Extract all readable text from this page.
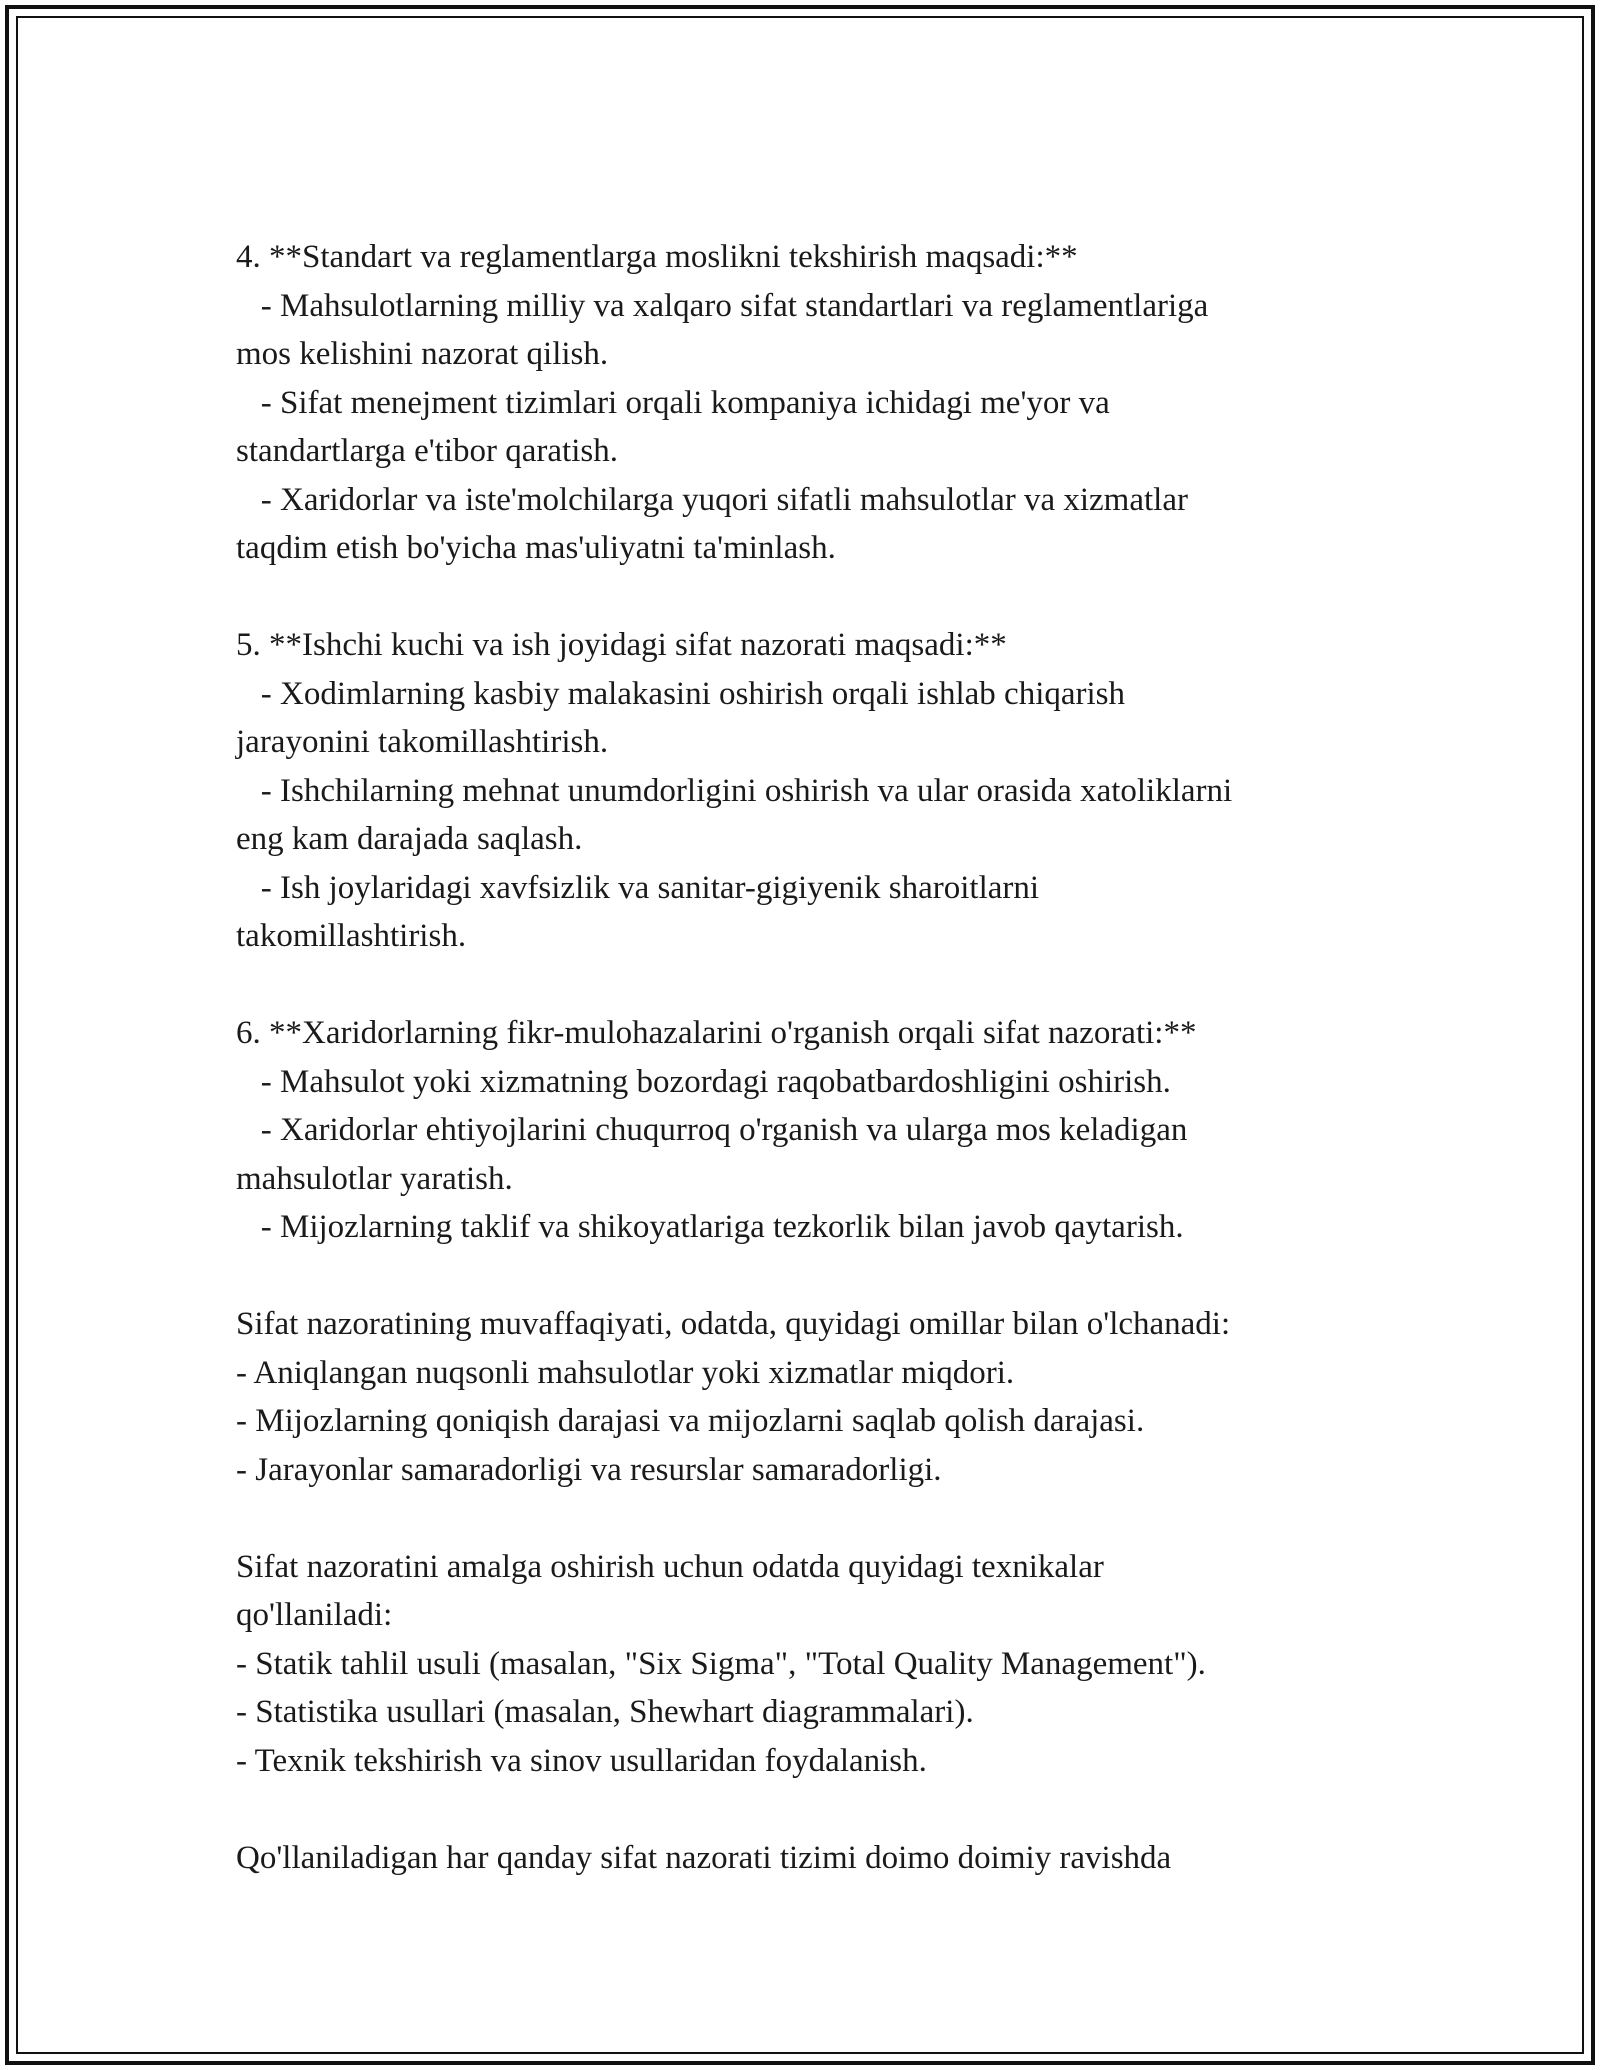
4. **Standart va reglamentlarga moslikni tekshirish maqsadi:**
- Mahsulotlarning milliy va xalqaro sifat standartlari va reglamentlariga
mos kelishini nazorat qilish.
- Sifat menejment tizimlari orqali kompaniya ichidagi me'yor va
standartlarga e'tibor qaratish.
- Xaridorlar va iste'molchilarga yuqori sifatli mahsulotlar va xizmatlar
taqdim etish bo'yicha mas'uliyatni ta'minlash.
5. **Ishchi kuchi va ish joyidagi sifat nazorati maqsadi:**
- Xodimlarning kasbiy malakasini oshirish orqali ishlab chiqarish
jarayonini takomillashtirish.
- Ishchilarning mehnat unumdorligini oshirish va ular orasida xatoliklarni
eng kam darajada saqlash.
- Ish joylaridagi xavfsizlik va sanitar-gigiyenik sharoitlarni
takomillashtirish.
6. **Xaridorlarning fikr-mulohazalarini o'rganish orqali sifat nazorati:**
- Mahsulot yoki xizmatning bozordagi raqobatbardoshligini oshirish.
- Xaridorlar ehtiyojlarini chuqurroq o'rganish va ularga mos keladigan
mahsulotlar yaratish.
- Mijozlarning taklif va shikoyatlariga tezkorlik bilan javob qaytarish.
Sifat nazoratining muvaffaqiyati, odatda, quyidagi omillar bilan o'lchanadi:
- Aniqlangan nuqsonli mahsulotlar yoki xizmatlar miqdori.
- Mijozlarning qoniqish darajasi va mijozlarni saqlab qolish darajasi.
- Jarayonlar samaradorligi va resurslar samaradorligi.
Sifat nazoratini amalga oshirish uchun odatda quyidagi texnikalar
qo'llaniladi:
- Statik tahlil usuli (masalan, "Six Sigma", "Total Quality Management").
- Statistika usullari (masalan, Shewhart diagrammalari).
- Texnik tekshirish va sinov usullaridan foydalanish.
Qo'llaniladigan har qanday sifat nazorati tizimi doimo doimiy ravishda
